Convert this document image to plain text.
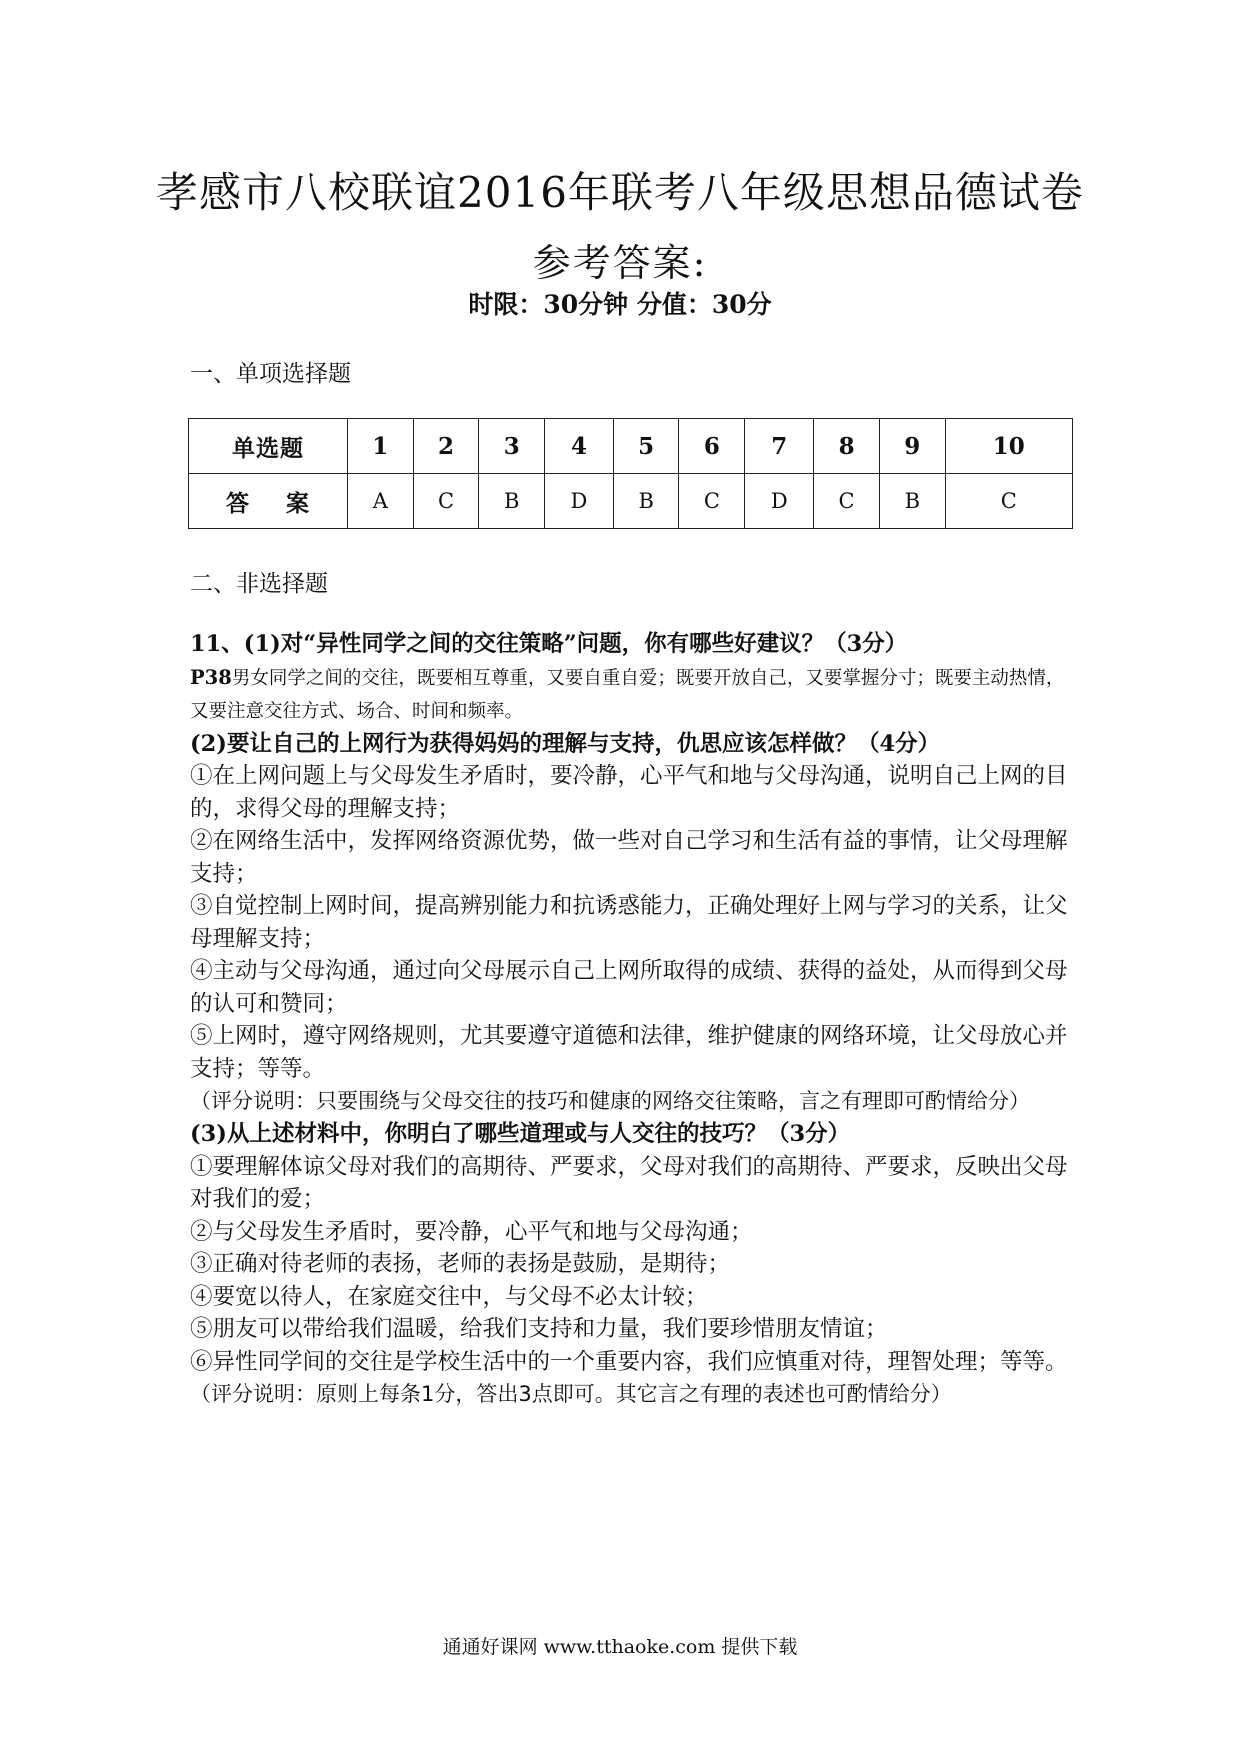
孝感市八校联谊2016年联考八年级思想品德试卷
参考答案:
时限：30分钟 分值：30分
一、单项选择题
单选题	1	2	3	4	5	6	7	8	9	10
答    案	A	C	B	D	B	C	D	C	B	C
二、非选择题
11、(1)对“异性同学之间的交往策略”问题，你有哪些好建议？（3分）
P38男女同学之间的交往，既要相互尊重，又要自重自爱；既要开放自己，又要掌握分寸；既要主动热情，又要注意交往方式、场合、时间和频率。
(2)要让自己的上网行为获得妈妈的理解与支持，仇思应该怎样做？（4分）
①在上网问题上与父母发生矛盾时，要冷静，心平气和地与父母沟通，说明自己上网的目的，求得父母的理解支持；
②在网络生活中，发挥网络资源优势，做一些对自己学习和生活有益的事情，让父母理解支持；
③自觉控制上网时间，提高辨别能力和抗诱惑能力，正确处理好上网与学习的关系，让父母理解支持；
④主动与父母沟通，通过向父母展示自己上网所取得的成绩、获得的益处，从而得到父母的认可和赞同；
⑤上网时，遵守网络规则，尤其要遵守道德和法律，维护健康的网络环境，让父母放心并支持；等等。
（评分说明：只要围绕与父母交往的技巧和健康的网络交往策略，言之有理即可酌情给分）
(3)从上述材料中，你明白了哪些道理或与人交往的技巧？（3分）
①要理解体谅父母对我们的高期待、严要求，父母对我们的高期待、严要求，反映出父母对我们的爱；
②与父母发生矛盾时，要冷静，心平气和地与父母沟通；
③正确对待老师的表扬，老师的表扬是鼓励，是期待；
④要宽以待人，在家庭交往中，与父母不必太计较；
⑤朋友可以带给我们温暖，给我们支持和力量，我们要珍惜朋友情谊；
⑥异性同学间的交往是学校生活中的一个重要内容，我们应慎重对待，理智处理；等等。
（评分说明：原则上每条1分，答出3点即可。其它言之有理的表述也可酌情给分）
通通好课网 www.tthaoke.com 提供下载
